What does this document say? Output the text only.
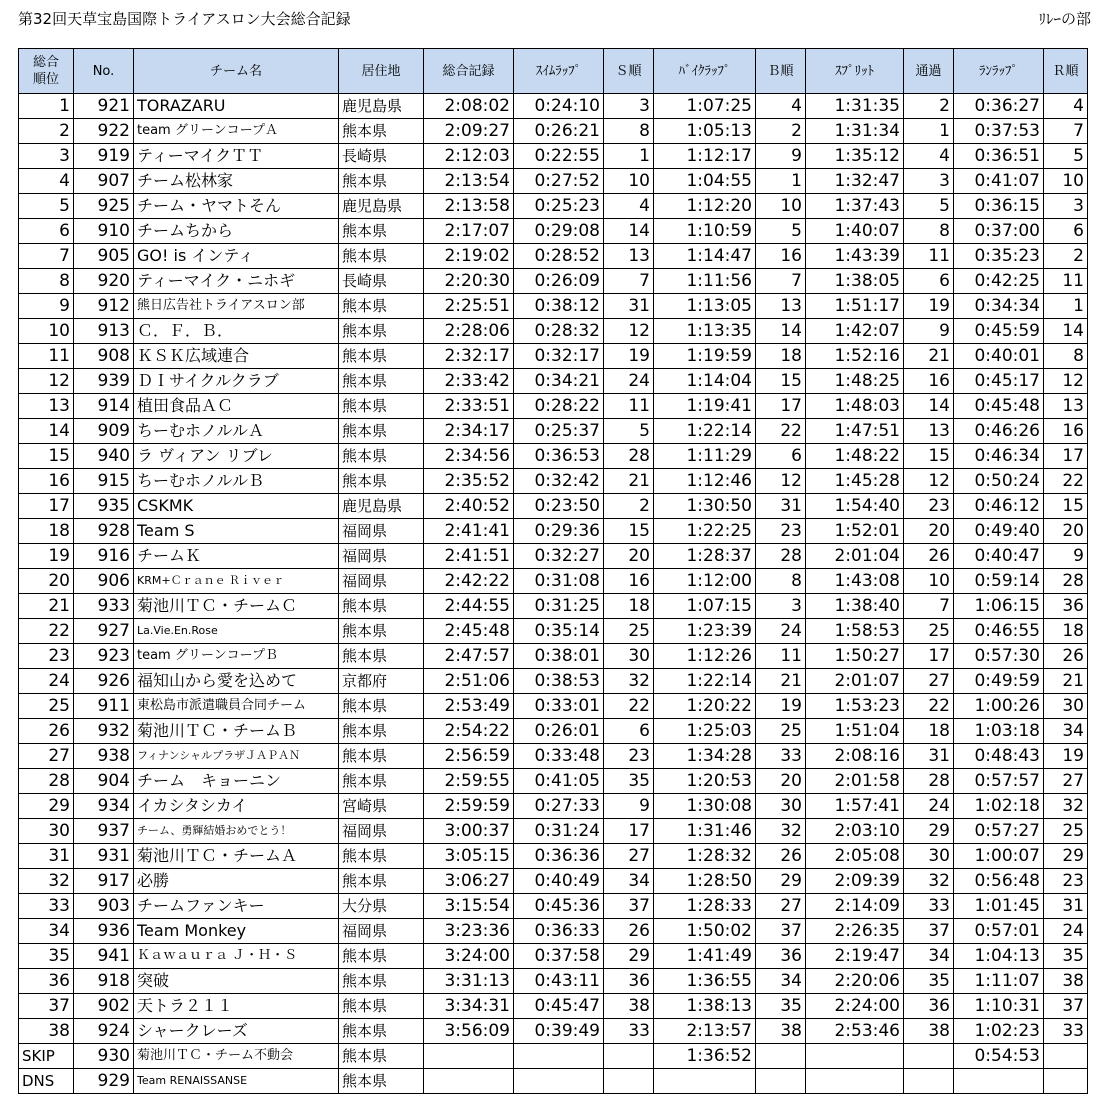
第32回天草宝島国際トライアスロン大会総合記録	ﾘﾚｰの部
総合
順位	No.	チーム名	居住地	総合記録	ｽｲﾑﾗｯﾌﾟ	Ｓ順	ﾊﾞｲｸﾗｯﾌﾟ	Ｂ順	ｽﾌﾟﾘｯﾄ	通過	ﾗﾝﾗｯﾌﾟ	Ｒ順
1	921	TORAZARU	鹿児島県	2:08:02	0:24:10	3	1:07:25	4	1:31:35	2	0:36:27	4
2	922	team グリーンコープＡ	熊本県	2:09:27	0:26:21	8	1:05:13	2	1:31:34	1	0:37:53	7
3	919	ティーマイクＴＴ	長崎県	2:12:03	0:22:55	1	1:12:17	9	1:35:12	4	0:36:51	5
4	907	チーム松林家	熊本県	2:13:54	0:27:52	10	1:04:55	1	1:32:47	3	0:41:07	10
5	925	チーム・ヤマトそん	鹿児島県	2:13:58	0:25:23	4	1:12:20	10	1:37:43	5	0:36:15	3
6	910	チームちから	熊本県	2:17:07	0:29:08	14	1:10:59	5	1:40:07	8	0:37:00	6
7	905	GO! is インティ	熊本県	2:19:02	0:28:52	13	1:14:47	16	1:43:39	11	0:35:23	2
8	920	ティーマイク・ニホギ	長崎県	2:20:30	0:26:09	7	1:11:56	7	1:38:05	6	0:42:25	11
9	912	熊日広告社トライアスロン部	熊本県	2:25:51	0:38:12	31	1:13:05	13	1:51:17	19	0:34:34	1
10	913	Ｃ．Ｆ．Ｂ．	熊本県	2:28:06	0:28:32	12	1:13:35	14	1:42:07	9	0:45:59	14
11	908	ＫＳＫ広域連合	熊本県	2:32:17	0:32:17	19	1:19:59	18	1:52:16	21	0:40:01	8
12	939	ＤＩサイクルクラブ	熊本県	2:33:42	0:34:21	24	1:14:04	15	1:48:25	16	0:45:17	12
13	914	植田食品ＡＣ	熊本県	2:33:51	0:28:22	11	1:19:41	17	1:48:03	14	0:45:48	13
14	909	ちーむホノルルＡ	熊本県	2:34:17	0:25:37	5	1:22:14	22	1:47:51	13	0:46:26	16
15	940	ラ ヴィアン リブレ	熊本県	2:34:56	0:36:53	28	1:11:29	6	1:48:22	15	0:46:34	17
16	915	ちーむホノルルＢ	熊本県	2:35:52	0:32:42	21	1:12:46	12	1:45:28	12	0:50:24	22
17	935	CSKMK	鹿児島県	2:40:52	0:23:50	2	1:30:50	31	1:54:40	23	0:46:12	15
18	928	Team S	福岡県	2:41:41	0:29:36	15	1:22:25	23	1:52:01	20	0:49:40	20
19	916	チームＫ	福岡県	2:41:51	0:32:27	20	1:28:37	28	2:01:04	26	0:40:47	9
20	906	KRM+Ｃｒａｎｅ Ｒｉｖｅｒ	福岡県	2:42:22	0:31:08	16	1:12:00	8	1:43:08	10	0:59:14	28
21	933	菊池川ＴＣ・チームＣ	熊本県	2:44:55	0:31:25	18	1:07:15	3	1:38:40	7	1:06:15	36
22	927	La.Vie.En.Rose	熊本県	2:45:48	0:35:14	25	1:23:39	24	1:58:53	25	0:46:55	18
23	923	team グリーンコープＢ	熊本県	2:47:57	0:38:01	30	1:12:26	11	1:50:27	17	0:57:30	26
24	926	福知山から愛を込めて	京都府	2:51:06	0:38:53	32	1:22:14	21	2:01:07	27	0:49:59	21
25	911	東松島市派遣職員合同チーム	熊本県	2:53:49	0:33:01	22	1:20:22	19	1:53:23	22	1:00:26	30
26	932	菊池川ＴＣ・チームＢ	熊本県	2:54:22	0:26:01	6	1:25:03	25	1:51:04	18	1:03:18	34
27	938	フィナンシャルプラザＪＡＰＡＮ	熊本県	2:56:59	0:33:48	23	1:34:28	33	2:08:16	31	0:48:43	19
28	904	チーム　キョーニン	熊本県	2:59:55	0:41:05	35	1:20:53	20	2:01:58	28	0:57:57	27
29	934	イカシタシカイ	宮崎県	2:59:59	0:27:33	9	1:30:08	30	1:57:41	24	1:02:18	32
30	937	チーム、勇輝結婚おめでとう！	福岡県	3:00:37	0:31:24	17	1:31:46	32	2:03:10	29	0:57:27	25
31	931	菊池川ＴＣ・チームＡ	熊本県	3:05:15	0:36:36	27	1:28:32	26	2:05:08	30	1:00:07	29
32	917	必勝	熊本県	3:06:27	0:40:49	34	1:28:50	29	2:09:39	32	0:56:48	23
33	903	チームファンキー	大分県	3:15:54	0:45:36	37	1:28:33	27	2:14:09	33	1:01:45	31
34	936	Team Monkey	福岡県	3:23:36	0:36:33	26	1:50:02	37	2:26:35	37	0:57:01	24
35	941	Ｋａｗａｕｒａ Ｊ・Ｈ・Ｓ	熊本県	3:24:00	0:37:58	29	1:41:49	36	2:19:47	34	1:04:13	35
36	918	突破	熊本県	3:31:13	0:43:11	36	1:36:55	34	2:20:06	35	1:11:07	38
37	902	天トラ２１１	熊本県	3:34:31	0:45:47	38	1:38:13	35	2:24:00	36	1:10:31	37
38	924	シャークレーズ	熊本県	3:56:09	0:39:49	33	2:13:57	38	2:53:46	38	1:02:23	33
SKIP	930	菊池川ＴＣ・チーム不動会	熊本県				1:36:52				0:54:53	
DNS	929	Team RENAISSANSE	熊本県									
